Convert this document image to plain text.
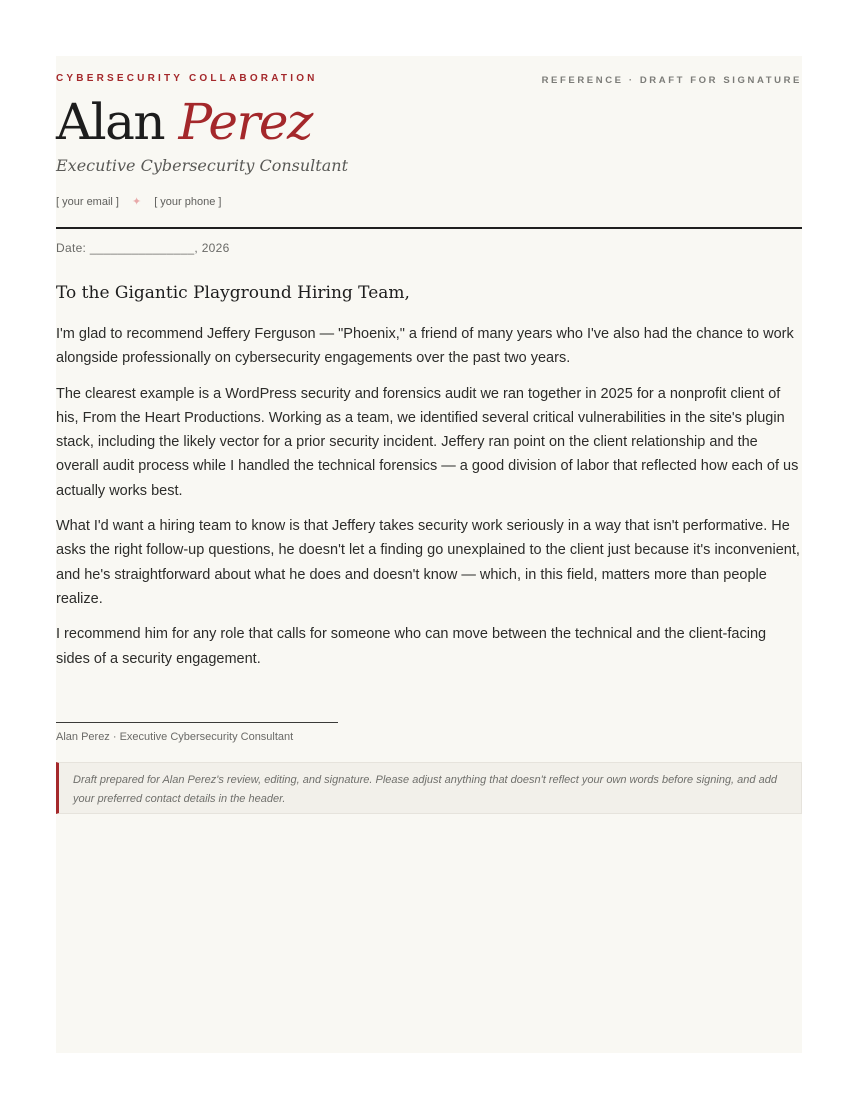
CYBERSECURITY COLLABORATION	REFERENCE · DRAFT FOR SIGNATURE
Alan Perez
Executive Cybersecurity Consultant
[ your email ] ✦ [ your phone ]
Date: _______________, 2026
To the Gigantic Playground Hiring Team,

I'm glad to recommend Jeffery Ferguson — "Phoenix," a friend of many years who I've also had the chance to work alongside professionally on cybersecurity engagements over the past two years.

The clearest example is a WordPress security and forensics audit we ran together in 2025 for a nonprofit client of his, From the Heart Productions. Working as a team, we identified several critical vulnerabilities in the site's plugin stack, including the likely vector for a prior security incident. Jeffery ran point on the client relationship and the overall audit process while I handled the technical forensics — a good division of labor that reflected how each of us actually works best.

What I'd want a hiring team to know is that Jeffery takes security work seriously in a way that isn't performative. He asks the right follow-up questions, he doesn't let a finding go unexplained to the client just because it's inconvenient, and he's straightforward about what he does and doesn't know — which, in this field, matters more than people realize.

I recommend him for any role that calls for someone who can move between the technical and the client-facing sides of a security engagement.

Alan Perez · Executive Cybersecurity Consultant
Draft prepared for Alan Perez's review, editing, and signature. Please adjust anything that doesn't reflect your own words before signing, and add your preferred contact details in the header.
